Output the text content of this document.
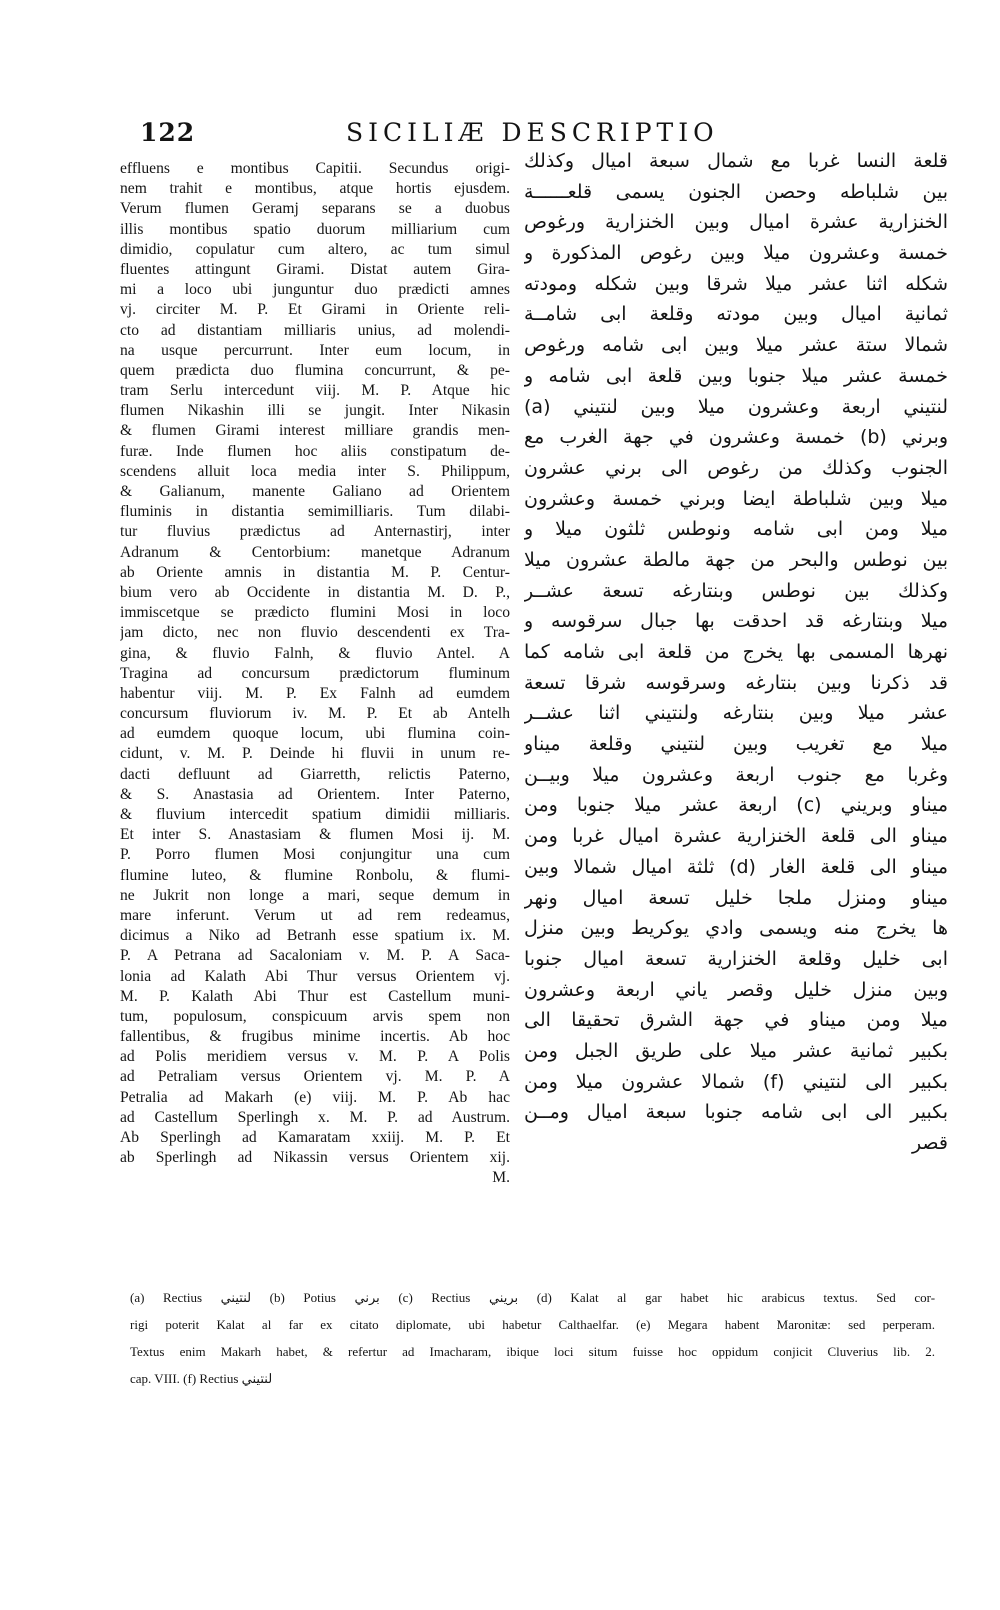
122	SICILIÆ DESCRIPTIO
effluens e montibus Capitii. Secundus origi-
nem trahit e montibus, atque hortis ejusdem.
Verum flumen Geramj separans se a duobus
illis montibus spatio duorum milliarium cum
dimidio, copulatur cum altero, ac tum simul
fluentes attingunt Girami. Distat autem Gira-
mi a loco ubi junguntur duo prædicti amnes
vj. circiter M. P. Et Girami in Oriente reli-
cto ad distantiam milliaris unius, ad molendi-
na usque percurrunt. Inter eum locum, in
quem prædicta duo flumina concurrunt, & pe-
tram Serlu intercedunt viij. M. P. Atque hic
flumen Nikashin illi se jungit. Inter Nikasin
& flumen Girami interest milliare grandis men-
furæ. Inde flumen hoc aliis constipatum de-
scendens alluit loca media inter S. Philippum,
& Galianum, manente Galiano ad Orientem
fluminis in distantia semimilliaris. Tum dilabi-
tur fluvius prædictus ad Anternastirj, inter
Adranum & Centorbium: manetque Adranum
ab Oriente amnis in distantia M. P. Centur-
bium vero ab Occidente in distantia M. D. P.,
immiscetque se prædicto flumini Mosi in loco
jam dicto, nec non fluvio descendenti ex Tra-
gina, & fluvio Falnh, & fluvio Antel. A
Tragina ad concursum prædictorum fluminum
habentur viij. M. P. Ex Falnh ad eumdem
concursum fluviorum iv. M. P. Et ab Antelh
ad eumdem quoque locum, ubi flumina coin-
cidunt, v. M. P. Deinde hi fluvii in unum re-
dacti defluunt ad Giarretth, relictis Paterno,
& S. Anastasia ad Orientem. Inter Paterno,
& fluvium intercedit spatium dimidii milliaris.
Et inter S. Anastasiam & flumen Mosi ij. M.
P. Porro flumen Mosi conjungitur una cum
flumine luteo, & flumine Ronbolu, & flumi-
ne Jukrit non longe a mari, seque demum in
mare inferunt. Verum ut ad rem redeamus,
dicimus a Niko ad Betranh esse spatium ix. M.
P. A Petrana ad Sacaloniam v. M. P. A Saca-
lonia ad Kalath Abi Thur versus Orientem vj.
M. P. Kalath Abi Thur est Castellum muni-
tum, populosum, conspicuum arvis spem non
fallentibus, & frugibus minime incertis. Ab hoc
ad Polis meridiem versus v. M. P. A Polis
ad Petraliam versus Orientem vj. M. P. A
Petralia ad Makarh (e) viij. M. P. Ab hac
ad Castellum Sperlingh x. M. P. ad Austrum.
Ab Sperlingh ad Kamaratam xxiij. M. P. Et
ab Sperlingh ad Nikassin versus Orientem xij.
M.
قلعة النسا غربا مع شمال سبعة اميال وكذلك
بين شلباطه وحصن الجنون يسمى قلعــــــة
الخنزارية عشرة اميال وبين الخنزارية ورغوص
خمسة وعشرون ميلا وبين رغوص المذكورة و
شكله اثنا عشر ميلا شرقا وبين شكله ومودته
ثمانية اميال وبين مودته وقلعة ابى شامــة
شمالا ستة عشر ميلا وبين ابى شامه ورغوص
خمسة عشر ميلا جنوبا وبين قلعة ابى شامه و
لنتيني اربعة وعشرون ميلا وبين لنتيني (a)
وبرني (b) خمسة وعشرون في جهة الغرب مع
الجنوب وكذلك من رغوص الى برني عشرون
ميلا وبين شلباطة ايضا وبرني خمسة وعشرون
ميلا ومن ابى شامه ونوطس ثلثون ميلا و
بين نوطس والبحر من جهة مالطة عشرون ميلا
وكذلك بين نوطس وبنتارغه تسعة عشــر
ميلا وبنتارغه قد احدقت بها جبال سرقوسه و
نهرها المسمى بها يخرج من قلعة ابى شامه كما
قد ذكرنا وبين بنتارغه وسرقوسه شرقا تسعة
عشر ميلا وبين بنتارغه ولنتيني اثنا عشــر
ميلا مع تغريب وبين لنتيني وقلعة ميناو
وغربا مع جنوب اربعة وعشرون ميلا وبيــن
ميناو وبريني (c) اربعة عشر ميلا جنوبا ومن
ميناو الى قلعة الخنزارية عشرة اميال غربا ومن
ميناو الى قلعة الغار (d) ثلثة اميال شمالا وبين
ميناو ومنزل ملجا خليل تسعة اميال ونهر
ها يخرج منه ويسمى وادي يوكريط وبين منزل
ابى خليل وقلعة الخنزارية تسعة اميال جنوبا
وبين منزل خليل وقصر ياني اربعة وعشرون
ميلا ومن ميناو في جهة الشرق تحقيقا الى
بكبير ثمانية عشر ميلا على طريق الجبل ومن
بكبير الى لنتيني (f) شمالا عشرون ميلا ومن
بكبير الى ابى شامه جنوبا سبعة اميال ومــن
قصر
(a) Rectius لنتيني (b) Potius برني (c) Rectius بريني (d) Kalat al gar habet hic arabicus textus. Sed cor-
rigi poterit Kalat al far ex citato diplomate, ubi habetur Calthaelfar. (e) Megara habent Maronitæ: sed perperam.
Textus enim Makarh habet, & refertur ad Imacharam, ibique loci situm fuisse hoc oppidum conjicit Cluverius lib. 2.
cap. VIII. (f) Rectius لنتيني
